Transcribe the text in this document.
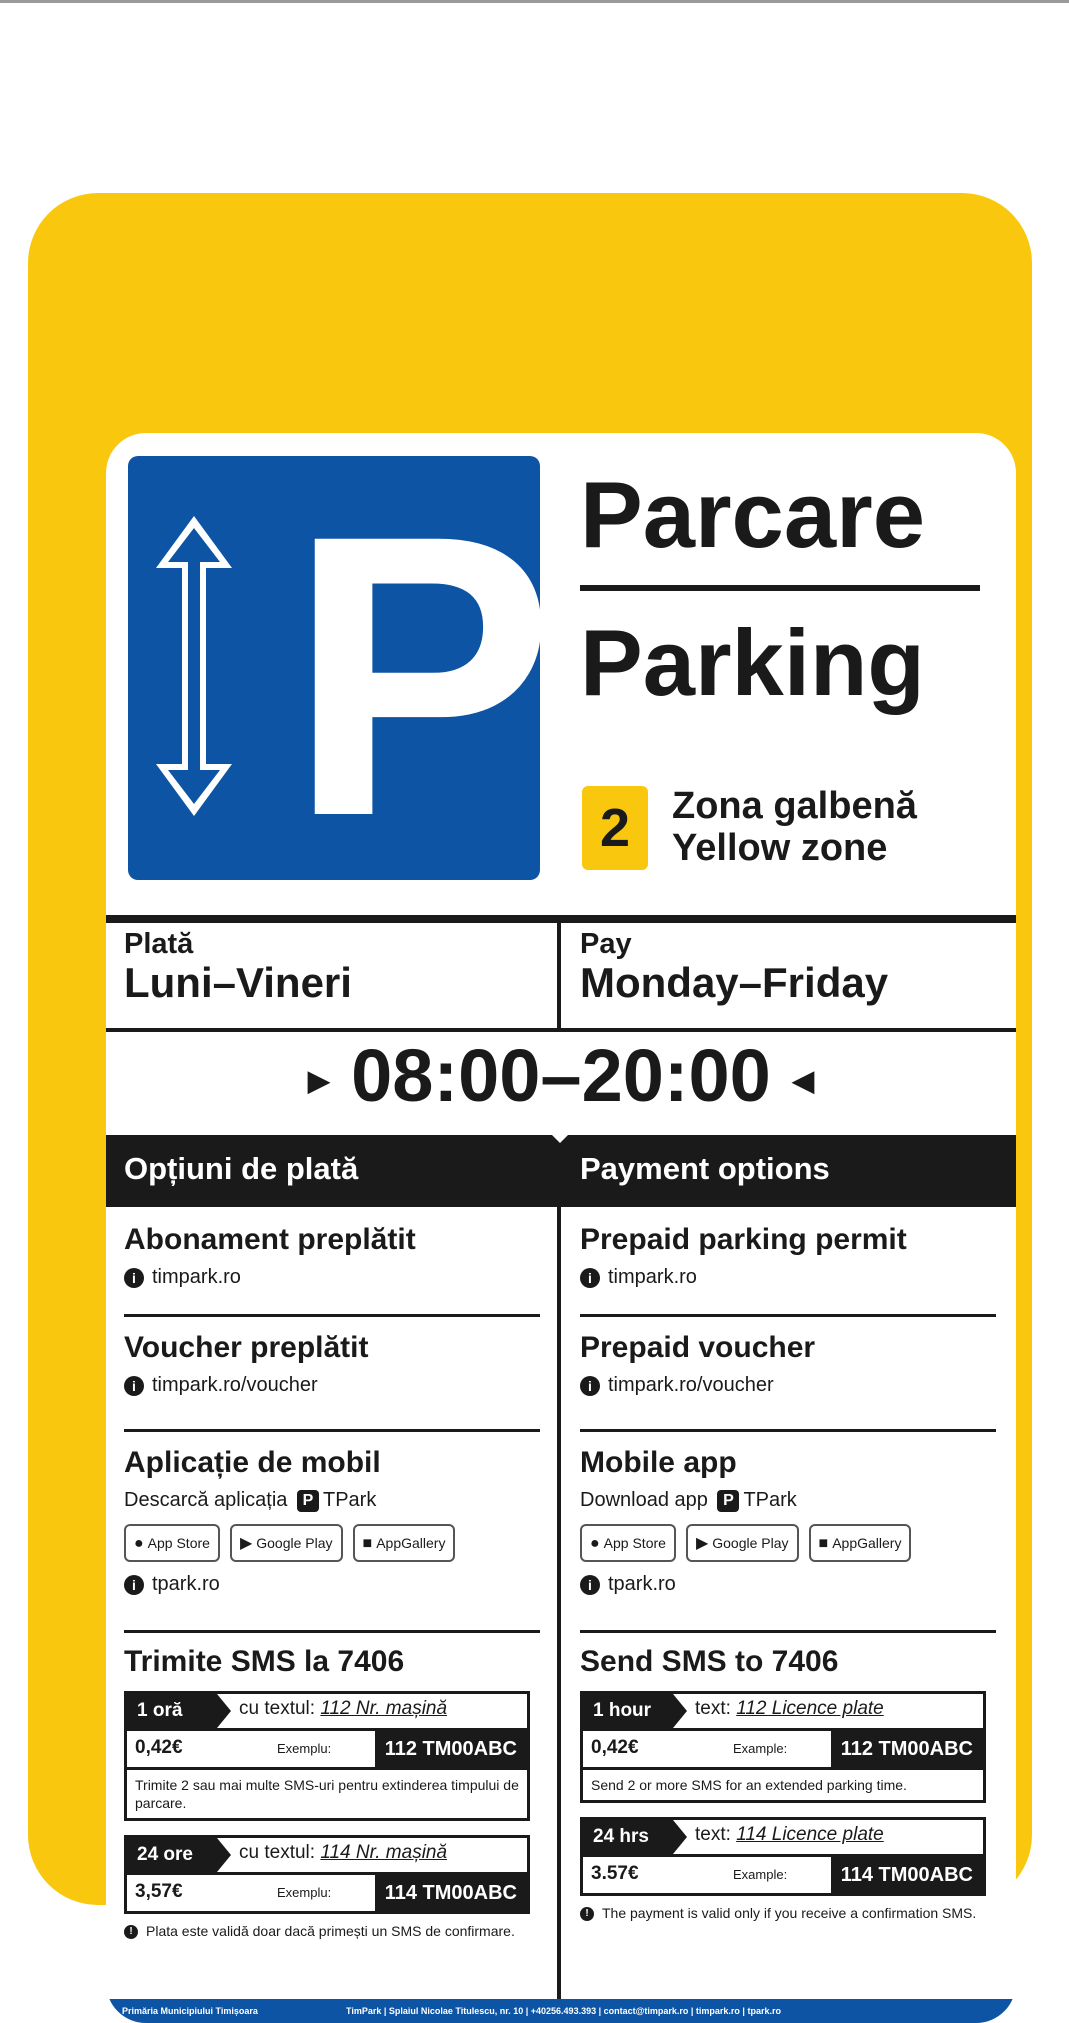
P Parcare
Parking
2	Zona galbenă
Yellow zone
Plată
Luni–Vineri
Pay
Monday–Friday
▶ 08:00–20:00 ◀
Opțiuni de plată	Payment options
Abonament preplătit
i timpark.ro
Voucher preplătit
i timpark.ro/voucher
Aplicație de mobil
Descarcă aplicația P TPark
● App Store ▶ Google Play ■ AppGallery
i tpark.ro
Trimite SMS la 7406
1 oră	cu textul: 112 Nr. mașină
0,42€	Exemplu:	112 TM00ABC
Trimite 2 sau mai multe SMS-uri pentru extinderea timpului de parcare.
24 ore	cu textul: 114 Nr. mașină
3,57€	Exemplu:	114 TM00ABC
! Plata este validă doar dacă primești un SMS de confirmare.
Prepaid parking permit
i timpark.ro
Prepaid voucher
i timpark.ro/voucher
Mobile app
Download app P TPark
● App Store ▶ Google Play ■ AppGallery
i tpark.ro
Send SMS to 7406
1 hour	text: 112 Licence plate
0,42€	Example:	112 TM00ABC
Send 2 or more SMS for an extended parking time.
24 hrs	text: 114 Licence plate
3.57€	Example:	114 TM00ABC
! The payment is valid only if you receive a confirmation SMS.
Primăria Municipiului Timișoara	TimPark | Splaiul Nicolae Titulescu, nr. 10 | +40256.493.393 | contact@timpark.ro | timpark.ro | tpark.ro
